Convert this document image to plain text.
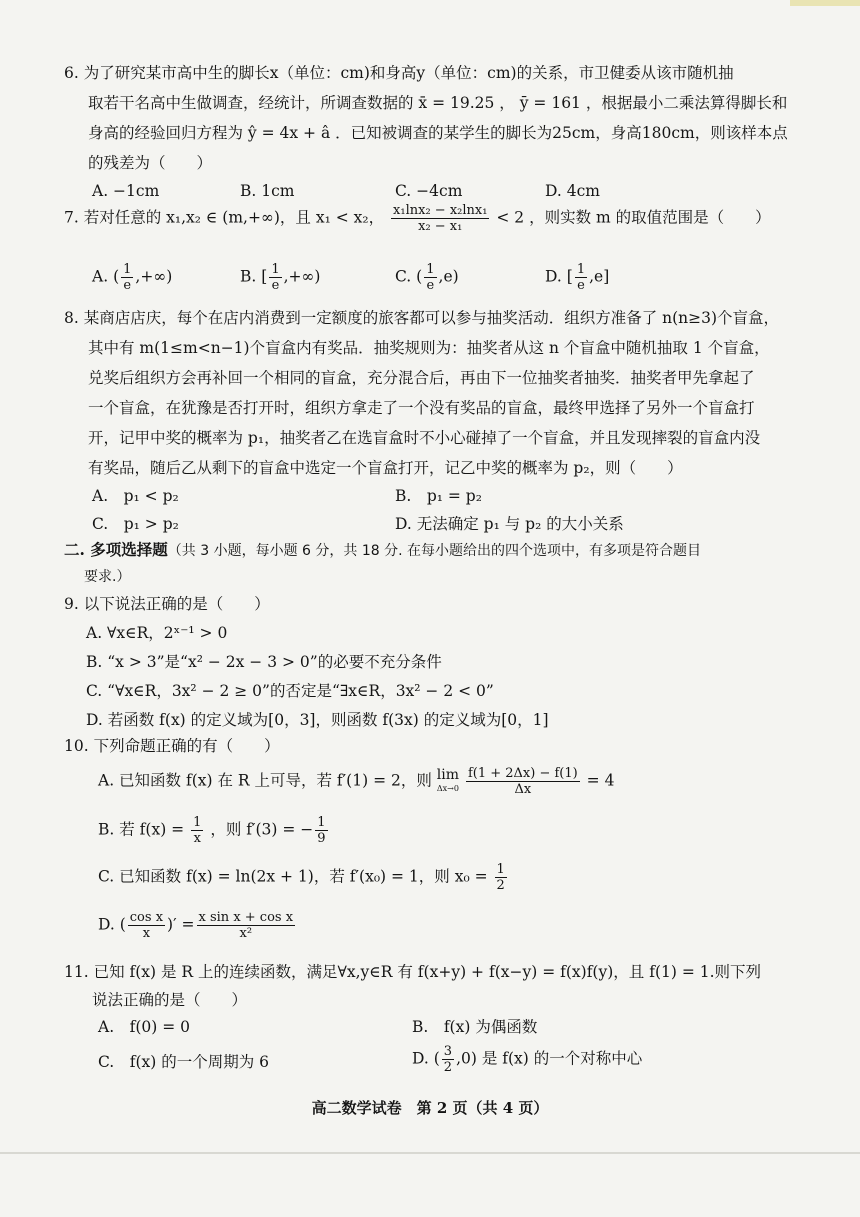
6. 为了研究某市高中生的脚长x（单位：cm)和身高y（单位：cm)的关系，市卫健委从该市随机抽
取若干名高中生做调查，经统计，所调查数据的 x̄ = 19.25 ， ȳ = 161 ，根据最小二乘法算得脚长和
身高的经验回归方程为 ŷ = 4x + â ．已知被调查的某学生的脚长为25cm，身高180cm，则该样本点
的残差为（　　）
A. −1cm	B. 1cm	C. −4cm	D. 4cm
7. 若对任意的 x₁,x₂ ∈ (m,+∞)，且 x₁ < x₂， $\frac{\text{x₁lnx₂ − x₂lnx₁}}{\text{x₂ − x₁}} < 2$ ，则实数 m 的取值范围是（　　）
A. ( $\frac{1}{e}$ ,+∞)	B. [ $\frac{1}{e}$ ,+∞)	C. ( $\frac{1}{e} ,e$)	D. [ $\frac{1}{e} ,e$]
8. 某商店店庆，每个在店内消费到一定额度的旅客都可以参与抽奖活动．组织方准备了 n(n≥3)个盲盒，
其中有 m(1≤m<n−1)个盲盒内有奖品．抽奖规则为：抽奖者从这 n 个盲盒中随机抽取 1 个盲盒，
兑奖后组织方会再补回一个相同的盲盒，充分混合后，再由下一位抽奖者抽奖．抽奖者甲先拿起了
一个盲盒，在犹豫是否打开时，组织方拿走了一个没有奖品的盲盒，最终甲选择了另外一个盲盒打
开，记甲中奖的概率为 p₁，抽奖者乙在选盲盒时不小心碰掉了一个盲盒，并且发现摔裂的盲盒内没
有奖品，随后乙从剩下的盲盒中选定一个盲盒打开，记乙中奖的概率为 p₂，则（　　）
A.　p₁ < p₂	B.　p₁ = p₂
C.　p₁ > p₂	D. 无法确定 p₁ 与 p₂ 的大小关系
二. 多项选择题（共 3 小题，每小题 6 分，共 18 分. 在每小题给出的四个选项中，有多项是符合题目
要求.）
9. 以下说法正确的是（　　）
A. ∀x∈R，2ˣ⁻¹ > 0
B. “x > 3”是“x² − 2x − 3 > 0”的必要不充分条件
C. “∀x∈R，3x² − 2 ≥ 0”的否定是“∃x∈R，3x² − 2 < 0”
D. 若函数 f(x) 的定义域为[0，3]，则函数 f(3x) 的定义域为[0，1]
10. 下列命题正确的有（　　）
A. 已知函数 f(x) 在 R 上可导，若 f′(1) = 2，则 lim
Δx→0
$\frac{f(1 + 2\Delta x) - f(1)}{\Delta x} = 4$
B. 若 $f(x) = \frac{1}{x}$ ，则 f′(3) = − $\frac{1}{9}$
C. 已知函数 f(x) = ln(2x + 1)，若 f′(x₀) = 1，则 $x_0 = \frac{1}{2}$
D. ( $\frac{\text{cos x}}{x}$ )′ = $\frac{\text{x sin x + cos x}}{\text{x²}}$
11. 已知 f(x) 是 R 上的连续函数，满足∀x,y∈R 有 f(x+y) + f(x−y) = f(x)f(y)，且 f(1) = 1.则下列
说法正确的是（　　）
A.　f(0) = 0	B.　f(x) 为偶函数
C.　f(x) 的一个周期为 6	D. ( $\frac{3}{2} ,0$) 是 f(x) 的一个对称中心
高二数学试卷　第 2 页（共 4 页）
